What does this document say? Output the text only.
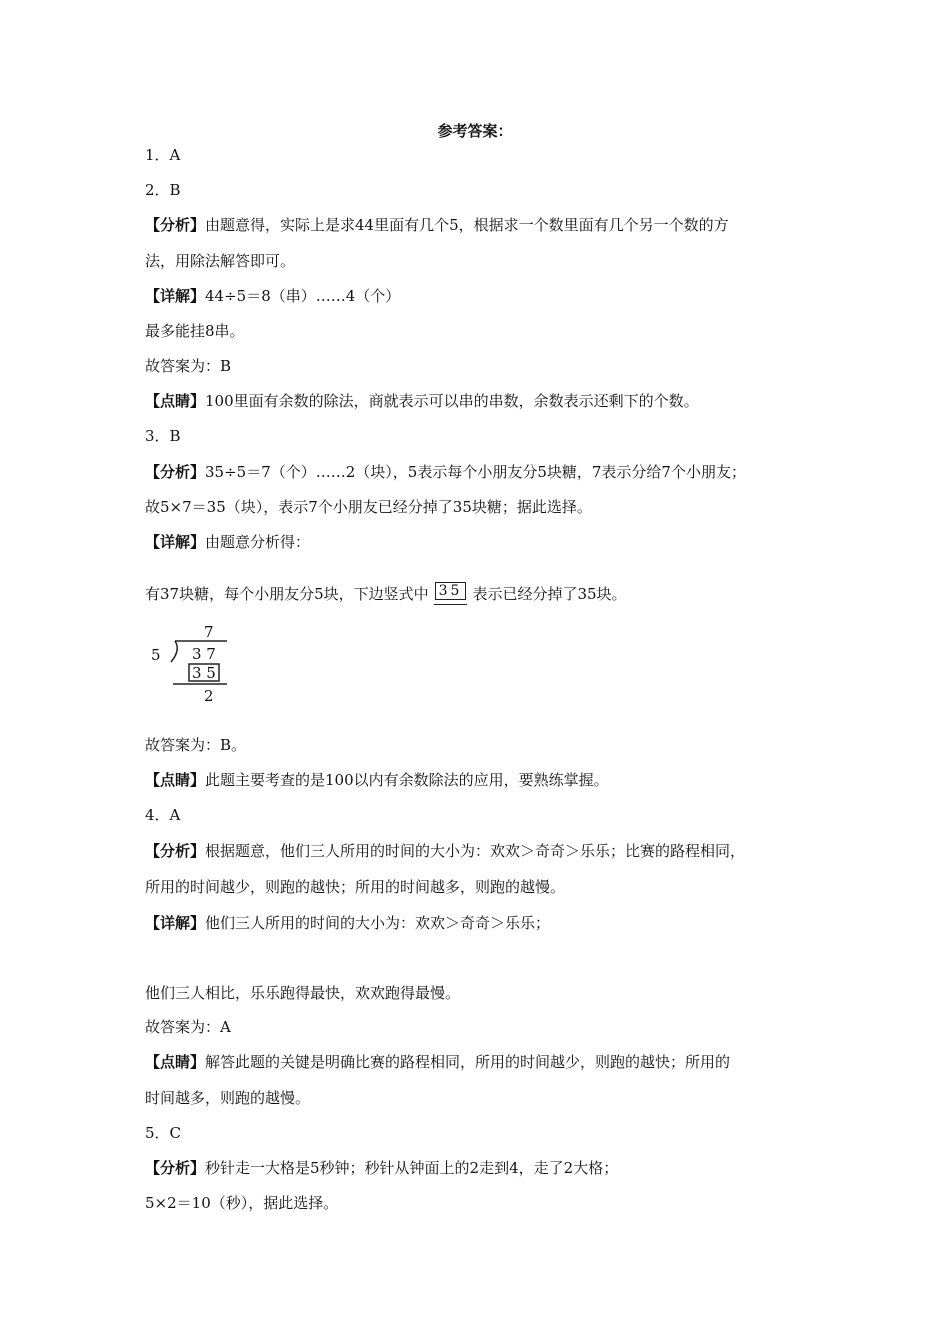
参考答案：
1．A
2．B
【分析】由题意得，实际上是求44里面有几个5，根据求一个数里面有几个另一个数的方
法，用除法解答即可。
【详解】44÷5＝8（串）……4（个）
最多能挂8串。
故答案为：B
【点睛】100里面有余数的除法，商就表示可以串的串数，余数表示还剩下的个数。
3．B
【分析】35÷5＝7（个）……2（块），5表示每个小朋友分5块糖，7表示分给7个小朋友；
故5×7＝35（块），表示7个小朋友已经分掉了35块糖；据此选择。
【详解】由题意分析得：
有37块糖，每个小朋友分5块，下边竖式中 35 表示已经分掉了35块。
5
7
3 7
3 5
2
故答案为：B。
【点睛】此题主要考查的是100以内有余数除法的应用，要熟练掌握。
4．A
【分析】根据题意，他们三人所用的时间的大小为：欢欢＞奇奇＞乐乐；比赛的路程相同，
所用的时间越少，则跑的越快；所用的时间越多，则跑的越慢。
【详解】他们三人所用的时间的大小为：欢欢＞奇奇＞乐乐；
他们三人相比，乐乐跑得最快，欢欢跑得最慢。
故答案为：A
【点睛】解答此题的关键是明确比赛的路程相同，所用的时间越少，则跑的越快；所用的
时间越多，则跑的越慢。
5．C
【分析】秒针走一大格是5秒钟；秒针从钟面上的2走到4，走了2大格；
5×2＝10（秒），据此选择。
